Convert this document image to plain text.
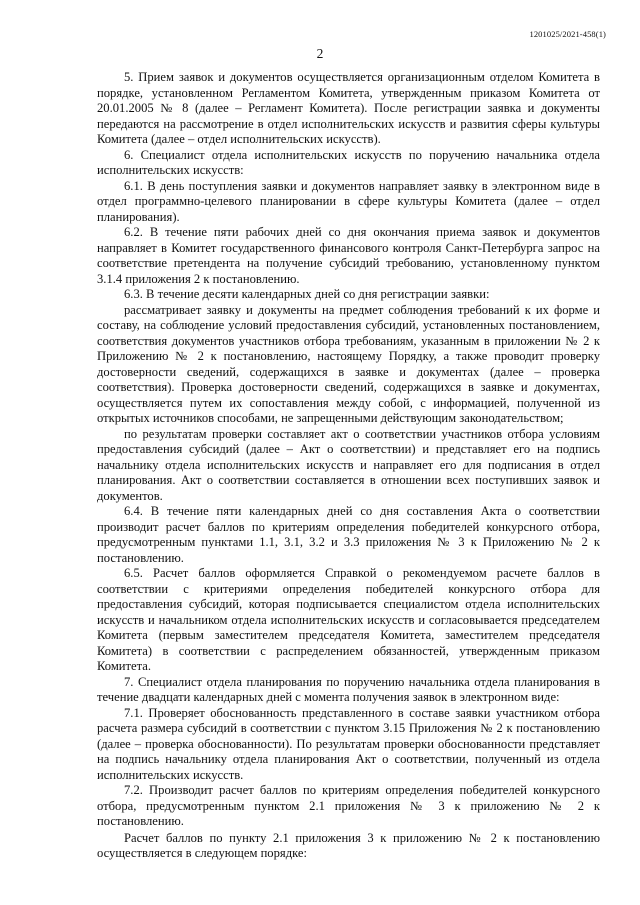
1201025/2021-458(1)
2

5. Прием заявок и документов осуществляется организационным отделом Комитета в порядке, установленном Регламентом Комитета, утвержденным приказом Комитета от 20.01.2005 № 8 (далее – Регламент Комитета). После регистрации заявка и документы передаются на рассмотрение в отдел исполнительских искусств и развития сферы культуры Комитета (далее – отдел исполнительских искусств).

6. Специалист отдела исполнительских искусств по поручению начальника отдела исполнительских искусств:

6.1. В день поступления заявки и документов направляет заявку в электронном виде в отдел программно-целевого планировании в сфере культуры Комитета (далее – отдел планирования).

6.2. В течение пяти рабочих дней со дня окончания приема заявок и документов направляет в Комитет государственного финансового контроля Санкт-Петербурга запрос на соответствие претендента на получение субсидий требованию, установленному пунктом 3.1.4 приложения 2 к постановлению.

6.3. В течение десяти календарных дней со дня регистрации заявки:

рассматривает заявку и документы на предмет соблюдения требований к их форме и составу, на соблюдение условий предоставления субсидий, установленных постановлением, соответствия документов участников отбора требованиям, указанным в приложении № 2 к Приложению № 2 к постановлению, настоящему Порядку, а также проводит проверку достоверности сведений, содержащихся в заявке и документах (далее – проверка соответствия). Проверка достоверности сведений, содержащихся в заявке и документах, осуществляется путем их сопоставления между собой, с информацией, полученной из открытых источников способами, не запрещенными действующим законодательством;

по результатам проверки составляет акт о соответствии участников отбора условиям предоставления субсидий (далее – Акт о соответствии) и представляет его на подпись начальнику отдела исполнительских искусств и направляет его для подписания в отдел планирования. Акт о соответствии составляется в отношении всех поступивших заявок и документов.

6.4. В течение пяти календарных дней со дня составления Акта о соответствии производит расчет баллов по критериям определения победителей конкурсного отбора, предусмотренным пунктами 1.1, 3.1, 3.2 и 3.3 приложения № 3 к Приложению № 2 к постановлению.

6.5. Расчет баллов оформляется Справкой о рекомендуемом расчете баллов в соответствии с критериями определения победителей конкурсного отбора для предоставления субсидий, которая подписывается специалистом отдела исполнительских искусств и начальником отдела исполнительских искусств и согласовывается председателем Комитета (первым заместителем председателя Комитета, заместителем председателя Комитета) в соответствии с распределением обязанностей, утвержденным приказом Комитета.

7. Специалист отдела планирования по поручению начальника отдела планирования в течение двадцати календарных дней с момента получения заявок в электронном виде:

7.1. Проверяет обоснованность представленного в составе заявки участником отбора расчета размера субсидий в соответствии с пунктом 3.15 Приложения № 2 к постановлению (далее – проверка обоснованности). По результатам проверки обоснованности представляет на подпись начальнику отдела планирования Акт о соответствии, полученный из отдела исполнительских искусств.

7.2. Производит расчет баллов по критериям определения победителей конкурсного отбора, предусмотренным пунктом 2.1 приложения № 3 к приложению № 2 к постановлению.

Расчет баллов по пункту 2.1 приложения 3 к приложению № 2 к постановлению осуществляется в следующем порядке:
